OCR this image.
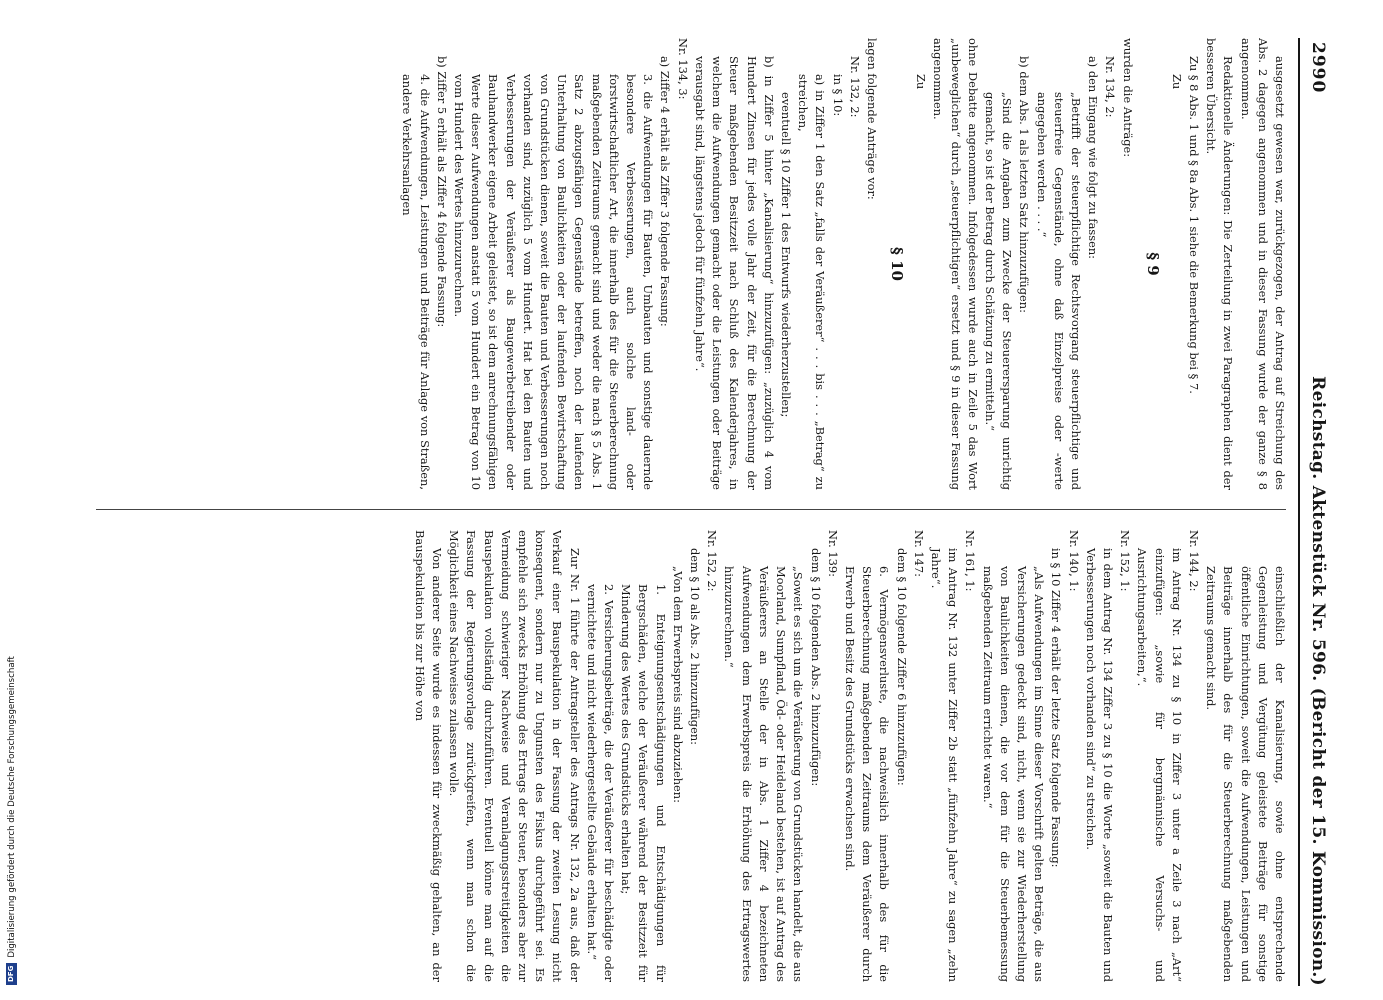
2990
Reichstag. Aktenstück Nr. 596. (Bericht der 15. Kommission.)

ausgesetzt gewesen war, zurückgezogen, der Antrag auf Streichung des Abs. 2 dagegen angenommen und in dieser Fassung wurde der ganze § 8 angenommen.

Redaktionelle Änderungen: Die Zerteilung in zwei Paragraphen dient der besseren Übersicht.

Zu § 8 Abs. 1 und § 8a Abs. 1 siehe die Bemerkung bei § 7.

Zu

§ 9

wurden die Anträge:

Nr. 134, 2:

a) den Eingang wie folgt zu fassen:

„Betrifft der steuerpflichtige Rechtsvorgang steuerpflichtige und steuerfreie Gegenstände, ohne daß Einzelpreise oder -werte angegeben werden . . . .“

b) dem Abs. 1 als letzten Satz hinzuzufügen:

„Sind die Angaben zum Zwecke der Steuerersparung unrichtig gemacht, so ist der Betrag durch Schätzung zu ermitteln.“

ohne Debatte angenommen. Infolgedessen wurde auch in Zeile 5 das Wort „unbeweglichen“ durch „steuerpflichtigen“ ersetzt und § 9 in dieser Fassung angenommen.

Zu

§ 10

lagen folgende Anträge vor:

Nr. 132, 2:

in § 10:

a) in Ziffer 1 den Satz „falls der Veräußerer“ . . . bis . . . „Betrag“ zu streichen,

eventuell § 10 Ziffer 1 des Entwurfs wiederherzustellen;

b) in Ziffer 5 hinter „Kanalisierung“ hinzuzufügen: „zuzüglich 4 vom Hundert Zinsen für jedes volle Jahr der Zeit, für die Berechnung der Steuer maßgebenden Besitzzeit nach Schluß des Kalenderjahres, in welchem die Aufwendungen gemacht oder die Leistungen oder Beiträge verausgabt sind, längstens jedoch für fünfzehn Jahre“.

Nr. 134, 3:

a) Ziffer 4 erhält als Ziffer 3 folgende Fassung:

3. die Aufwendungen für Bauten, Umbauten und sonstige dauernde besondere Verbesserungen, auch solche land- oder forstwirtschaftlicher Art, die innerhalb des für die Steuerberechnung maßgebenden Zeitraums gemacht sind und weder die nach § 5 Abs. 1 Satz 2 abzugsfähigen Gegenstände betreffen, noch der laufenden Unterhaltung von Baulichkeiten oder der laufenden Bewirtschaftung von Grundstücken dienen, soweit die Bauten und Verbesserungen noch vorhanden sind, zuzüglich 5 vom Hundert. Hat bei den Bauten und Verbesserungen der Veräußerer als Baugewerbetreibender oder Bauhandwerker eigene Arbeit geleistet, so ist dem anrechnungsfähigen Werte dieser Aufwendungen anstatt 5 vom Hundert ein Betrag von 10 vom Hundert des Wertes hinzuzurechnen.

b) Ziffer 5 erhält als Ziffer 4 folgende Fassung:

4. die Aufwendungen, Leistungen und Beiträge für Anlage von Straßen, andere Verkehrsanlagen

einschließlich der Kanalisierung, sowie ohne entsprechende Gegenleistung und Vergütung geleistete Beiträge für sonstige öffentliche Einrichtungen, soweit die Aufwendungen, Leistungen und Beiträge innerhalb des für die Steuerberechnung maßgebenden Zeitraums gemacht sind.

Nr. 144, 2:

im Antrag Nr. 134 zu § 10 in Ziffer 3 unter a Zeile 3 nach „Art“ einzufügen: „sowie für bergmännische Versuchs- und Ausrichtungsarbeiten,“.

Nr. 152, 1:

in dem Antrag Nr. 134 Ziffer 3 zu § 10 die Worte „soweit die Bauten und Verbesserungen noch vorhanden sind“ zu streichen.

Nr. 140, 1:

in § 10 Ziffer 4 erhält der letzte Satz folgende Fassung:

„Als Aufwendungen im Sinne dieser Vorschrift gelten Beträge, die aus Versicherungen gedeckt sind, nicht, wenn sie zur Wiederherstellung von Baulichkeiten dienen, die vor dem für die Steuerbemessung maßgebenden Zeitraum errichtet waren.“

Nr. 161, 1:

im Antrag Nr. 132 unter Ziffer 2b statt „fünfzehn Jahre“ zu sagen „zehn Jahre“.

Nr. 147:

dem § 10 folgende Ziffer 6 hinzuzufügen:

6. Vermögensverluste, die nachweislich innerhalb des für die Steuerberechnung maßgebenden Zeitraums dem Veräußerer durch Erwerb und Besitz des Grundstücks erwachsen sind.

Nr. 139:

dem § 10 folgenden Abs. 2 hinzuzufügen:

„Soweit es sich um die Veräußerung von Grundstücken handelt, die aus Moorland, Sumpfland, Öd- oder Heideland bestehen, ist auf Antrag des Veräußerers an Stelle der in Abs. 1 Ziffer 4 bezeichneten Aufwendungen dem Erwerbspreis die Erhöhung des Ertragswertes hinzuzurechnen.“

Nr. 152, 2:

dem § 10 als Abs. 2 hinzuzufügen:

„Von dem Erwerbspreis sind abzuziehen:

1. Enteignungsentschädigungen und Entschädigungen für Bergschäden, welche der Veräußerer während der Besitzzeit für Minderung des Wertes des Grundstücks erhalten hat;

2. Versicherungsbeiträge, die der Veräußerer für beschädigte oder vernichtete und nicht wiederhergestellte Gebäude erhalten hat.“

Zur Nr. 1 führte der Antragsteller des Antrags Nr. 132, 2a aus, daß der Verkauf einer Bauspekulation in der Fassung der zweiten Lesung nicht konsequent, sondern nur zu Ungunsten des Fiskus durchgeführt sei. Es empfehle sich zwecks Erhöhung des Ertrags der Steuer, besonders aber zur Vermeidung schwieriger Nachweise und Veranlagungsstreitigkeiten die Bauspekulation vollständig durchzuführen. Eventuell könne man auf die Fassung der Regierungsvorlage zurückgreifen, wenn man schon die Möglichkeit eines Nachweises zulassen wolle.

Von anderer Seite wurde es indessen für zweckmäßig gehalten, an der Bauspekulation bis zur Höhe von

DFGDigitalisierung gefördert durch die Deutsche Forschungsgemeinschaft
